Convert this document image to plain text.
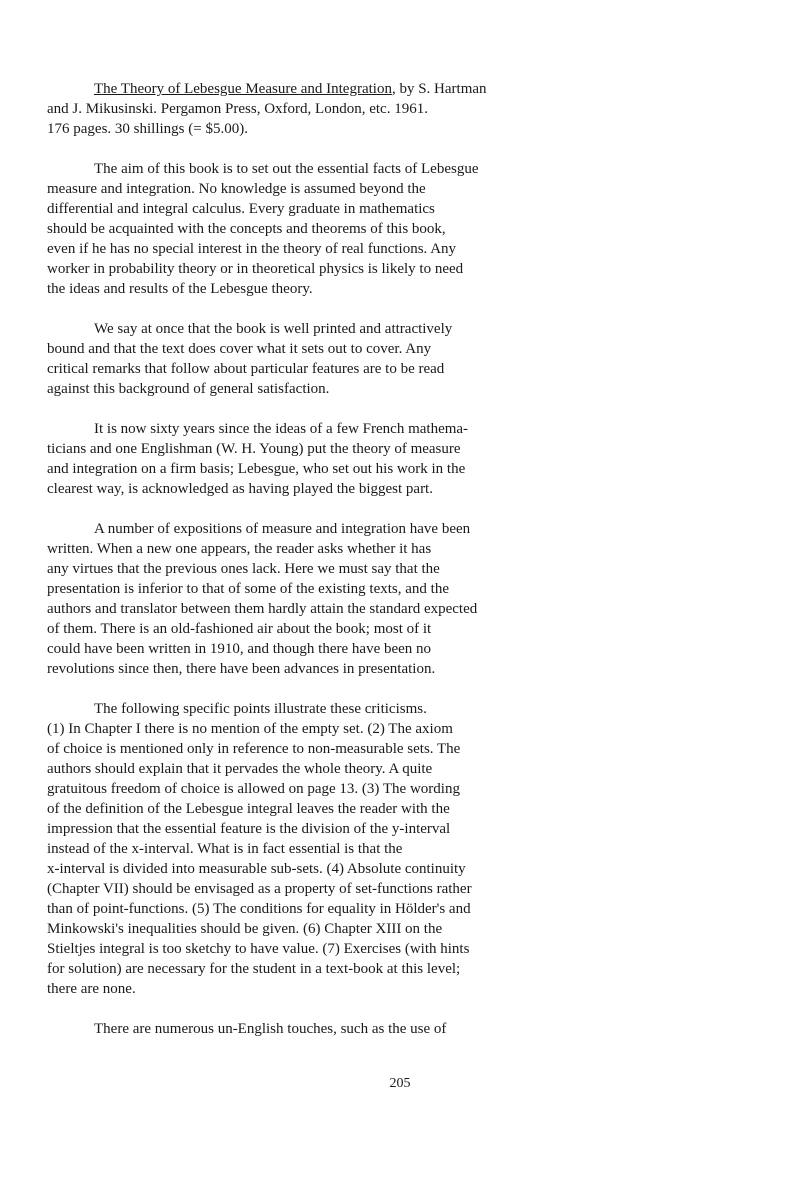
The Theory of Lebesgue Measure and Integration, by S. Hartman
and J. Mikusinski. Pergamon Press, Oxford, London, etc. 1961.
176 pages. 30 shillings (= $5.00).
The aim of this book is to set out the essential facts of Lebesgue
measure and integration. No knowledge is assumed beyond the
differential and integral calculus. Every graduate in mathematics
should be acquainted with the concepts and theorems of this book,
even if he has no special interest in the theory of real functions. Any
worker in probability theory or in theoretical physics is likely to need
the ideas and results of the Lebesgue theory.
We say at once that the book is well printed and attractively
bound and that the text does cover what it sets out to cover. Any
critical remarks that follow about particular features are to be read
against this background of general satisfaction.
It is now sixty years since the ideas of a few French mathema-
ticians and one Englishman (W. H. Young) put the theory of measure
and integration on a firm basis; Lebesgue, who set out his work in the
clearest way, is acknowledged as having played the biggest part.
A number of expositions of measure and integration have been
written. When a new one appears, the reader asks whether it has
any virtues that the previous ones lack. Here we must say that the
presentation is inferior to that of some of the existing texts, and the
authors and translator between them hardly attain the standard expected
of them. There is an old-fashioned air about the book; most of it
could have been written in 1910, and though there have been no
revolutions since then, there have been advances in presentation.
The following specific points illustrate these criticisms.
(1) In Chapter I there is no mention of the empty set. (2) The axiom
of choice is mentioned only in reference to non-measurable sets. The
authors should explain that it pervades the whole theory. A quite
gratuitous freedom of choice is allowed on page 13. (3) The wording
of the definition of the Lebesgue integral leaves the reader with the
impression that the essential feature is the division of the y-interval
instead of the x-interval. What is in fact essential is that the
x-interval is divided into measurable sub-sets. (4) Absolute continuity
(Chapter VII) should be envisaged as a property of set-functions rather
than of point-functions. (5) The conditions for equality in Hölder's and
Minkowski's inequalities should be given. (6) Chapter XIII on the
Stieltjes integral is too sketchy to have value. (7) Exercises (with hints
for solution) are necessary for the student in a text-book at this level;
there are none.
There are numerous un-English touches, such as the use of
205
